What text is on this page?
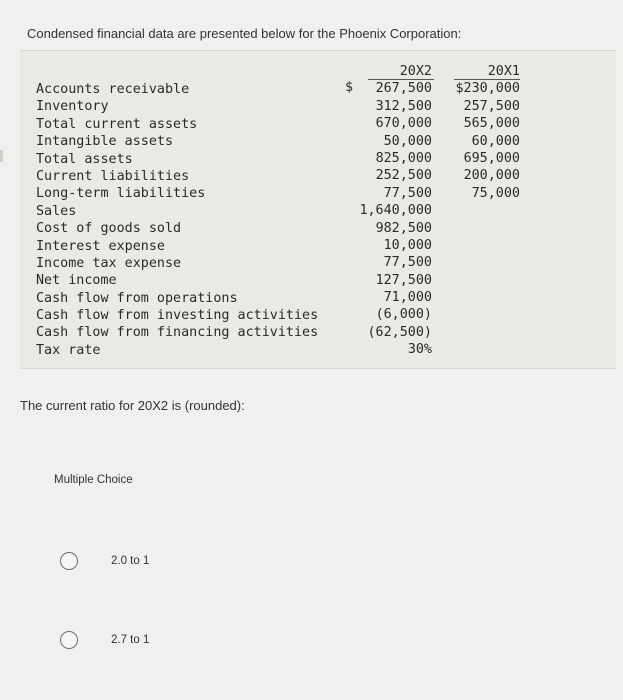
Condensed financial data are presented below for the Phoenix Corporation:
Accounts receivable
Inventory
Total current assets
Intangible assets
Total assets
Current liabilities
Long-term liabilities
Sales
Cost of goods sold
Interest expense
Income tax expense
Net income
Cash flow from operations
Cash flow from investing activities
Cash flow from financing activities
Tax rate
$
20X2
267,500
312,500
670,000
50,000
825,000
252,500
77,500
1,640,000
982,500
10,000
77,500
127,500
71,000
(6,000)
(62,500)
30%
20X1
$230,000
257,500
565,000
60,000
695,000
200,000
75,000
The current ratio for 20X2 is (rounded):
Multiple Choice
2.0 to 1
2.7 to 1
